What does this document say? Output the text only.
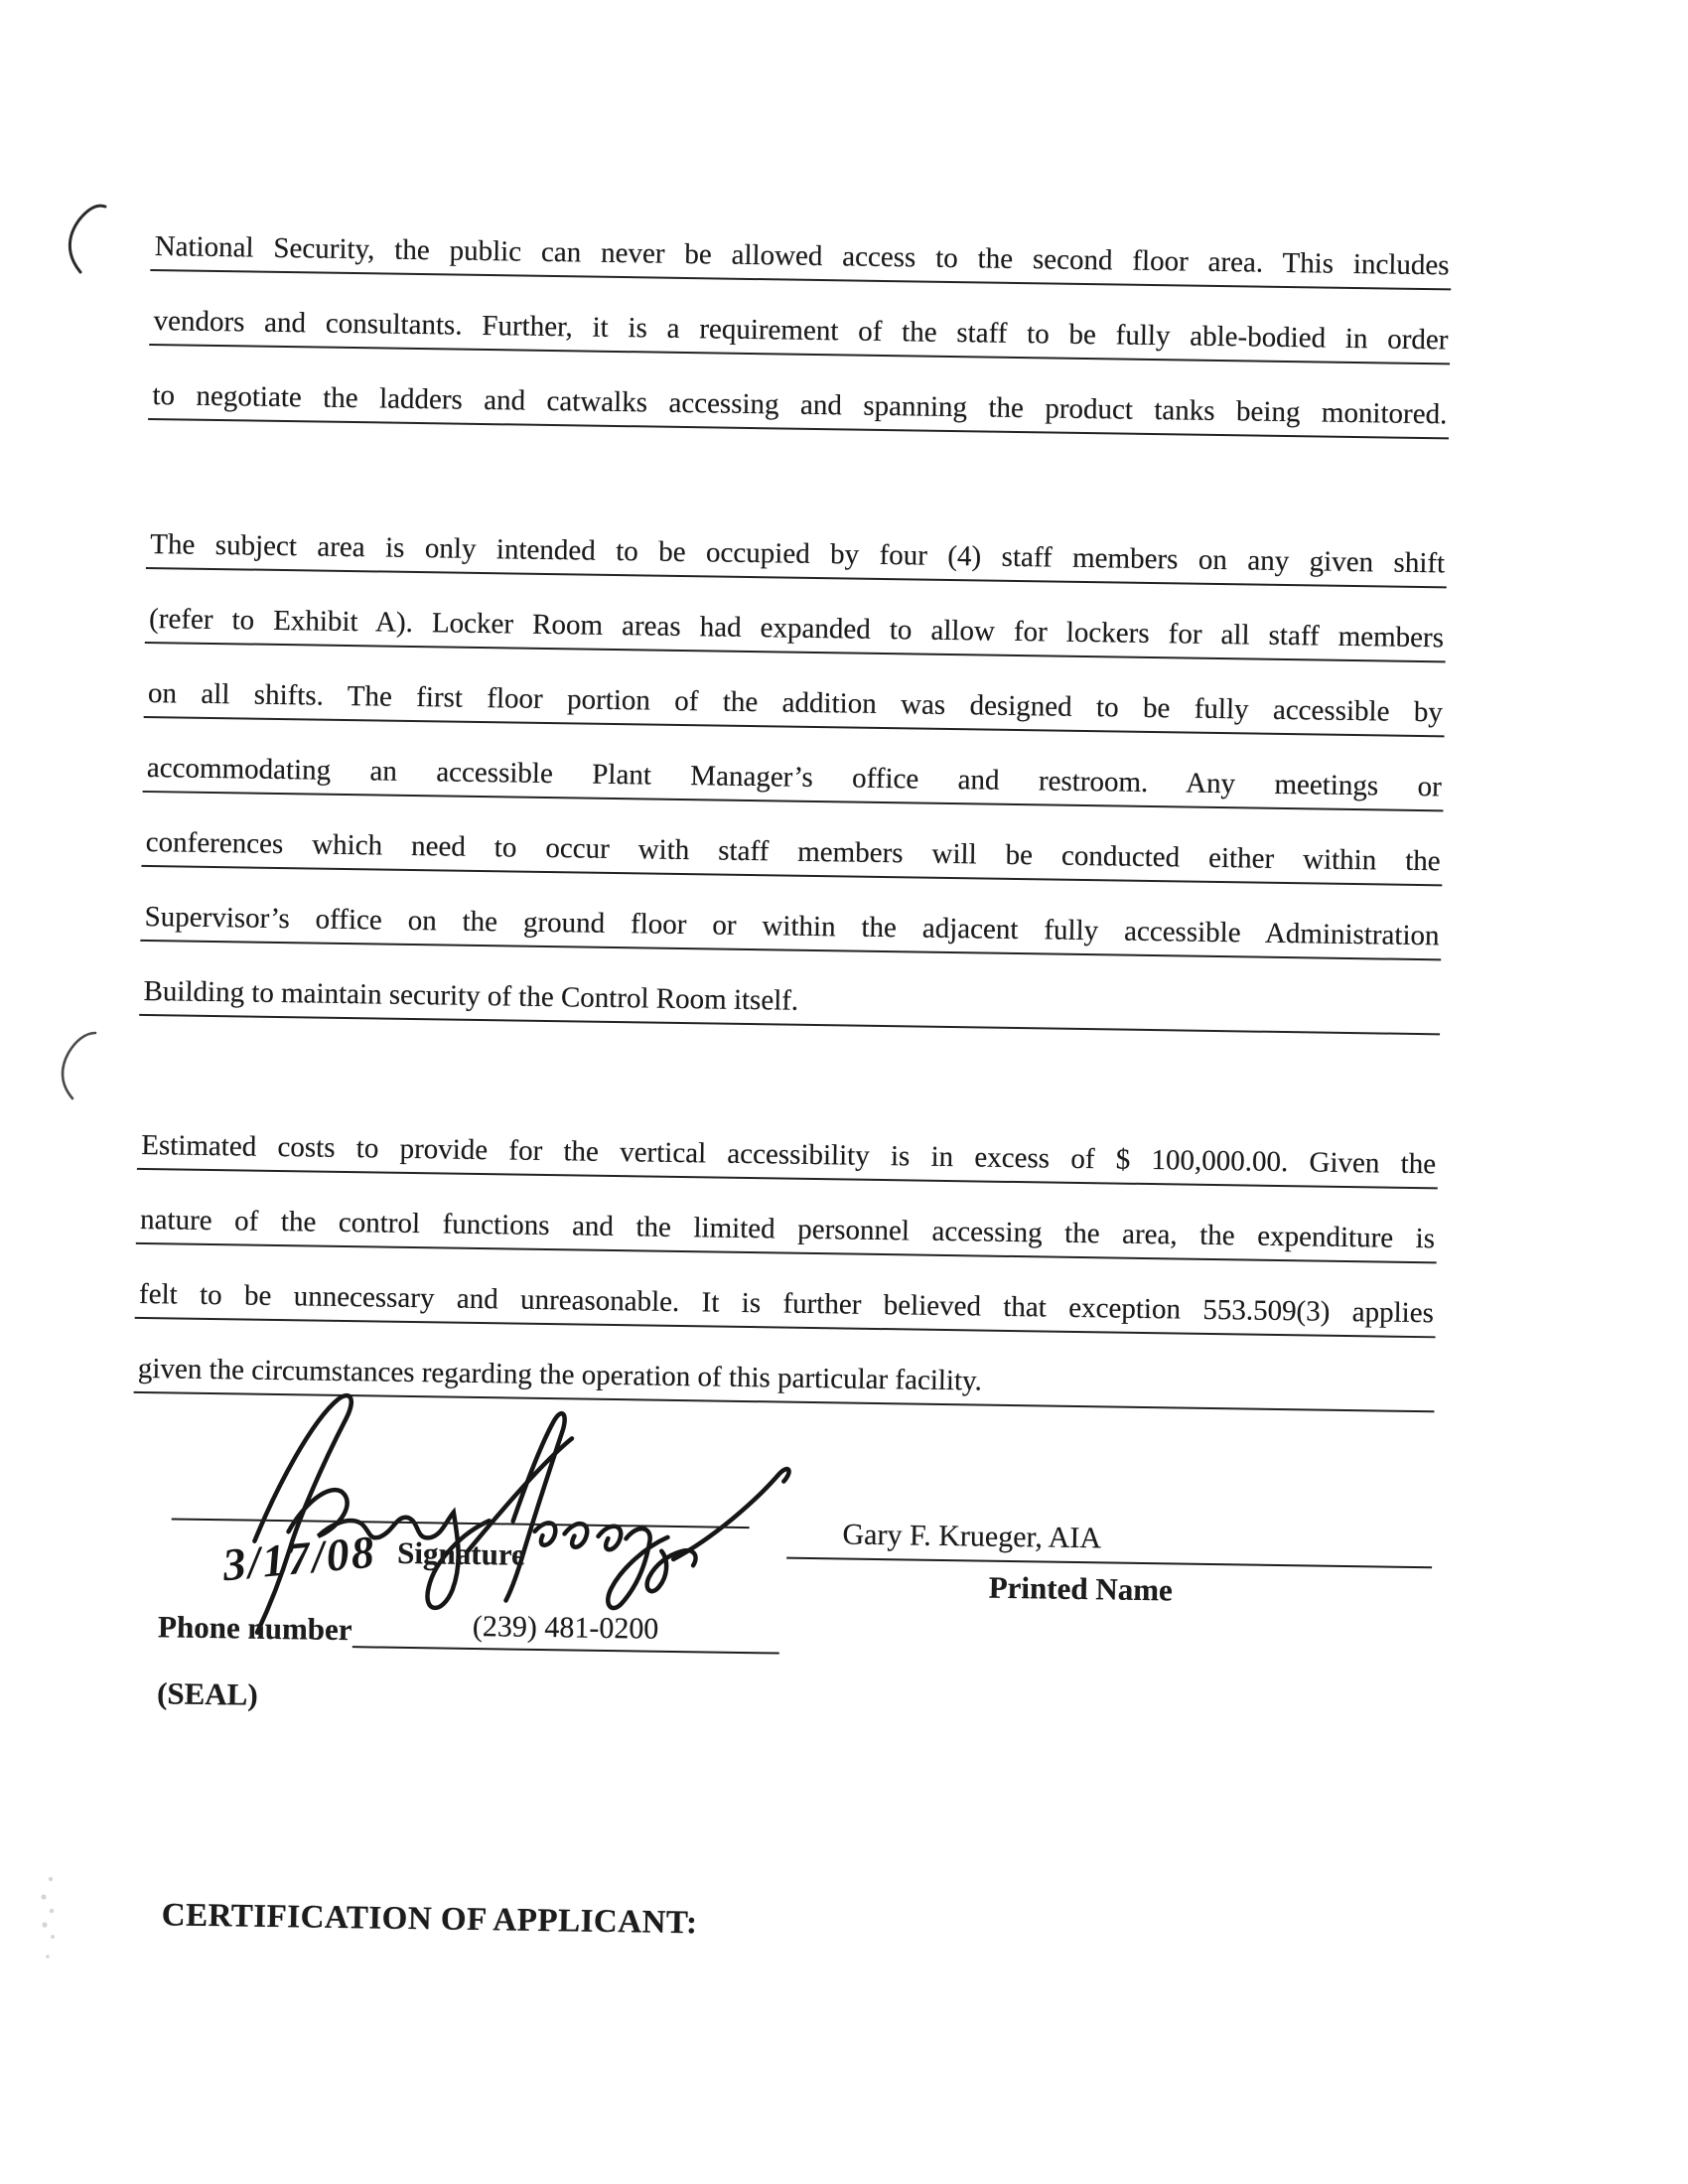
National Security, the public can never be allowed access to the second floor area. This includes
vendors and consultants. Further, it is a requirement of the staff to be fully able-bodied in order
to negotiate the ladders and catwalks accessing and spanning the product tanks being monitored.
The subject area is only intended to be occupied by four (4) staff members on any given shift
(refer to Exhibit A). Locker Room areas had expanded to allow for lockers for all staff members
on all shifts. The first floor portion of the addition was designed to be fully accessible by
accommodating an accessible Plant Manager’s office and restroom. Any meetings or
conferences which need to occur with staff members will be conducted either within the
Supervisor’s office on the ground floor or within the adjacent fully accessible Administration
Building to maintain security of the Control Room itself.
Estimated costs to provide for the vertical accessibility is in excess of $ 100,000.00. Given the
nature of the control functions and the limited personnel accessing the area, the expenditure is
felt to be unnecessary and unreasonable. It is further believed that exception 553.509(3) applies
given the circumstances regarding the operation of this particular facility.
3/17/08 Signature	Gary F. Krueger, AIA
Printed Name
Phone number	(239) 481-0200
(SEAL)
CERTIFICATION OF APPLICANT:
